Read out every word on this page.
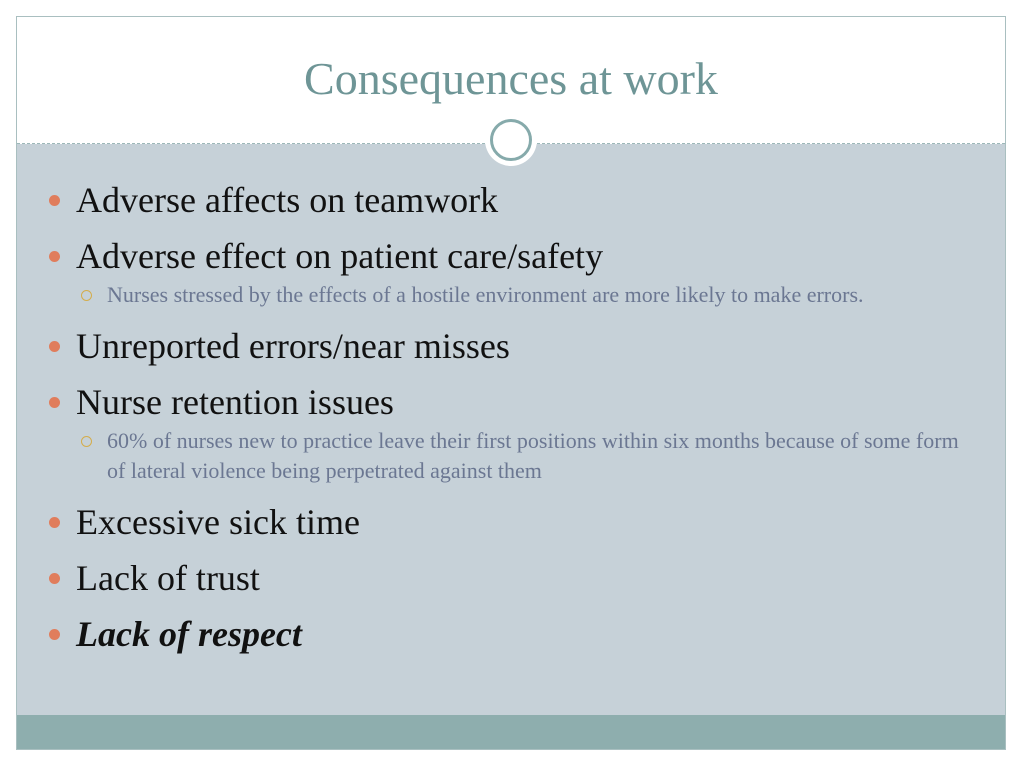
Consequences at work
Adverse affects on teamwork
Adverse effect on patient care/safety
Nurses stressed by the effects of a hostile environment are more likely to make errors.
Unreported errors/near misses
Nurse retention issues
60% of nurses new to practice leave their first positions within six months because of some form of lateral violence being perpetrated against them
Excessive sick time
Lack of trust
Lack of respect
